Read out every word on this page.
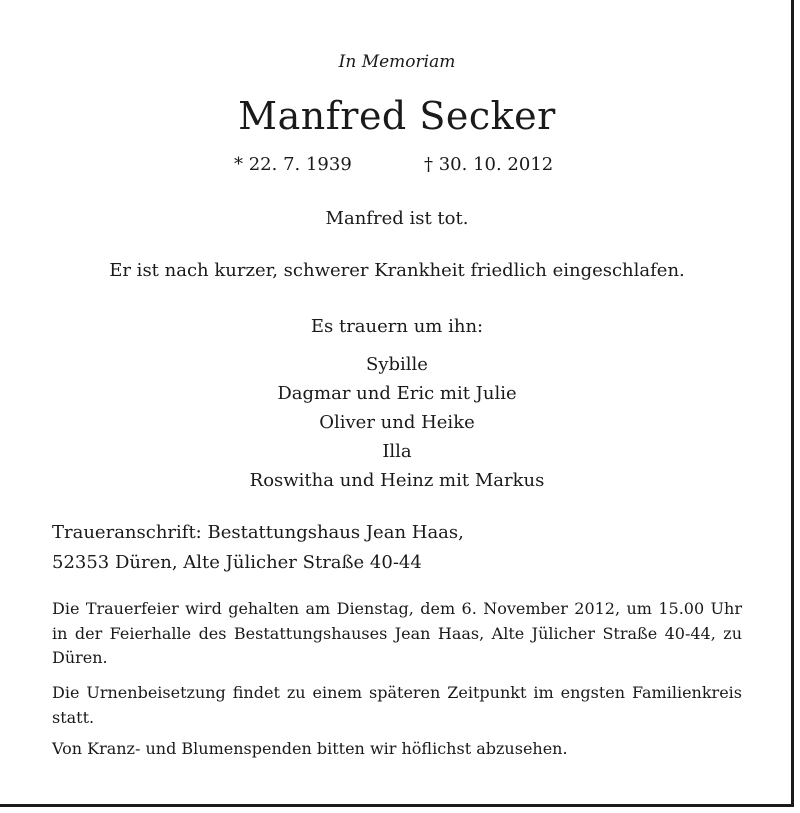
In Memoriam
Manfred Secker
* 22. 7. 1939	† 30. 10. 2012
Manfred ist tot.
Er ist nach kurzer, schwerer Krankheit friedlich eingeschlafen.
Es trauern um ihn:
Sybille
Dagmar und Eric mit Julie
Oliver und Heike
Illa
Roswitha und Heinz mit Markus
Traueranschrift: Bestattungshaus Jean Haas,
52353 Düren, Alte Jülicher Straße 40-44

Die Trauerfeier wird gehalten am Dienstag, dem 6. November 2012, um 15.00 Uhr in der Feierhalle des Bestattungshauses Jean Haas, Alte Jülicher Straße 40-44, zu Düren.

Die Urnenbeisetzung findet zu einem späteren Zeitpunkt im engsten Familienkreis statt.

Von Kranz- und Blumenspenden bitten wir höflichst abzusehen.
